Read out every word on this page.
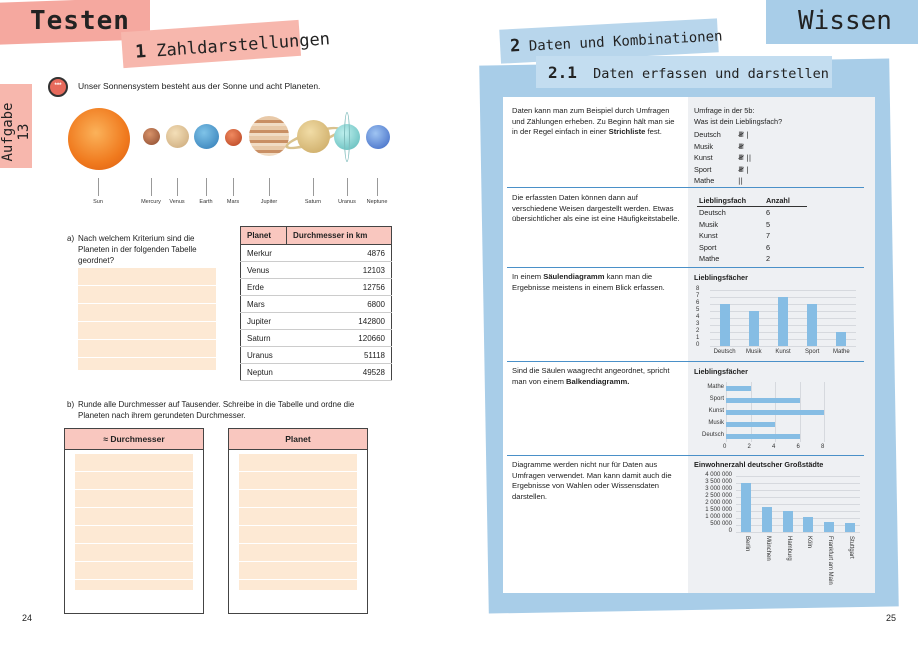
Testen
1 Zahldarstellungen
Aufgabe 13
***	Unser Sonnensystem besteht aus der Sonne und acht Planeten.
Sun	Mercury Venus	Earth	Mars	Jupiter	Saturn	Uranus Neptune
a) Nach welchem Kriterium sind die Planeten in der folgenden Tabelle geordnet?
Planet	Durchmesser in km
Merkur	4876
Venus	12103
Erde	12756
Mars	6800
Jupiter	142800
Saturn	120660
Uranus	51118
Neptun	49528
b) Runde alle Durchmesser auf Tausender. Schreibe in die Tabelle und ordne die Planeten nach ihrem gerundeten Durchmesser.
≈ Durchmesser	Planet
24
Wissen
2 Daten und Kombinationen
2.1 Daten erfassen und darstellen
Daten kann man zum Beispiel durch Umfragen und Zählungen erheben. Zu Beginn hält man sie in der Regel einfach in einer Strichliste fest.
Umfrage in der 5b:
Was ist dein Lieblingsfach?
Deutsch 𝍸 |
Musik	𝍸
Kunst	𝍸 ||
Sport	𝍸 |
Mathe	||
Die erfassten Daten können dann auf verschiedene Weisen dargestellt werden. Etwas übersichtlicher als eine ist eine Häufigkeitstabelle.
Lieblingsfach	Anzahl
Deutsch	6
Musik	5
Kunst	7
Sport	6
Mathe	2
In einem Säulendiagramm kann man die Ergebnisse meistens in einem Blick erfassen.
Lieblingsfächer
0
1
2
3
4
5
6
7
8
Deutsch	Musik	Kunst	Sport	Mathe
Sind die Säulen waagrecht angeordnet, spricht man von einem Balkendiagramm.
Lieblingsfächer
0	2	4	6	8
Mathe
Sport
Kunst
Musik
Deutsch
Diagramme werden nicht nur für Daten aus Umfragen verwendet. Man kann damit auch die Ergebnisse von Wahlen oder Wissensdaten darstellen.
Einwohnerzahl deutscher Großstädte
0
500 000
1 000 000
1 500 000
2 000 000
2 500 000
3 000 000
3 500 000
4 000 000
Berlin München Hamburg Köln Frankfurt am Main Stuttgart
25
